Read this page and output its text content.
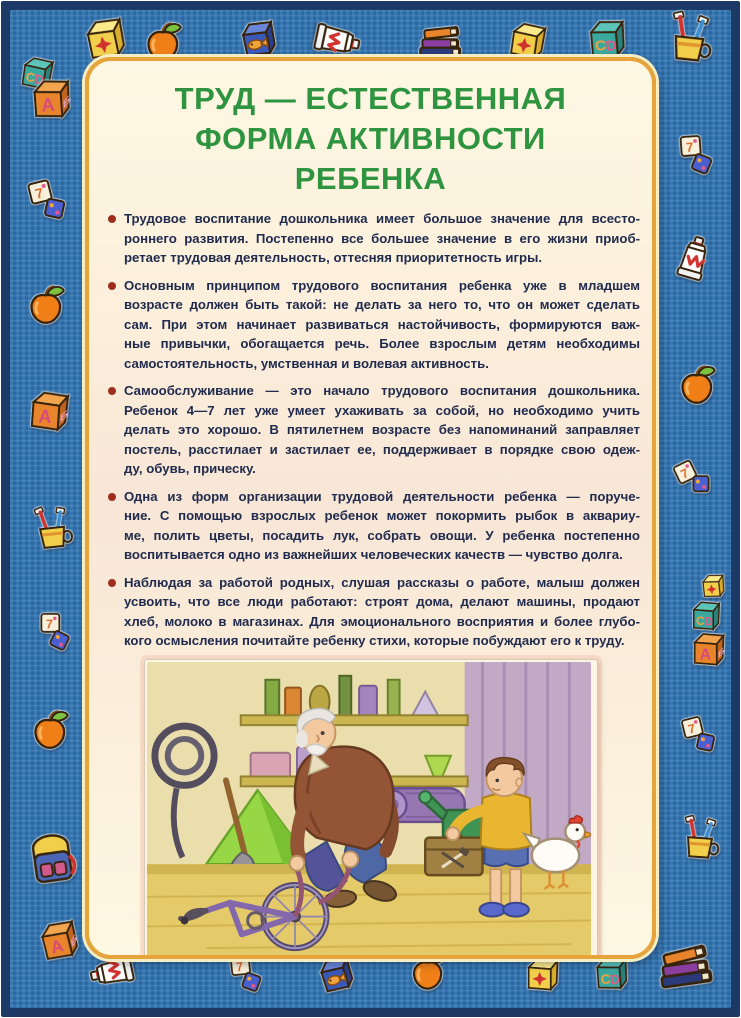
ТРУД — ЕСТЕСТВЕННАЯ
ФОРМА АКТИВНОСТИ
РЕБЕНКА
Трудовое воспитание дошкольника имеет большое значение для всесто-
роннего развития. Постепенно все большее значение в его жизни приоб-
ретает трудовая деятельность, оттесняя приоритетность игры.
Основным принципом трудового воспитания ребенка уже в младшем
возрасте должен быть такой: не делать за него то, что он может сделать
сам. При этом начинает развиваться настойчивость, формируются важ-
ные привычки, обогащается речь. Более взрослым детям необходимы
самостоятельность, умственная и волевая активность.
Самообслуживание — это начало трудового воспитания дошкольника.
Ребенок 4—7 лет уже умеет ухаживать за собой, но необходимо учить
делать это хорошо. В пятилетнем возрасте без напоминаний заправляет
постель, расстилает и застилает ее, поддерживает в порядке свою одеж-
ду, обувь, прическу.
Одна из форм организации трудовой деятельности ребенка — поруче-
ние. С помощью взрослых ребенок может покормить рыбок в аквариу-
ме, полить цветы, посадить лук, собрать овощи. У ребенка постепенно
воспитывается одно из важнейших человеческих качеств — чувство долга.
Наблюдая за работой родных, слушая рассказы о работе, малыш должен
усвоить, что все люди работают: строят дома, делают машины, продают
хлеб, молоко в магазинах. Для эмоционального восприятия и более глубо-
кого осмысления почитайте ребенку стихи, которые побуждают его к труду.
